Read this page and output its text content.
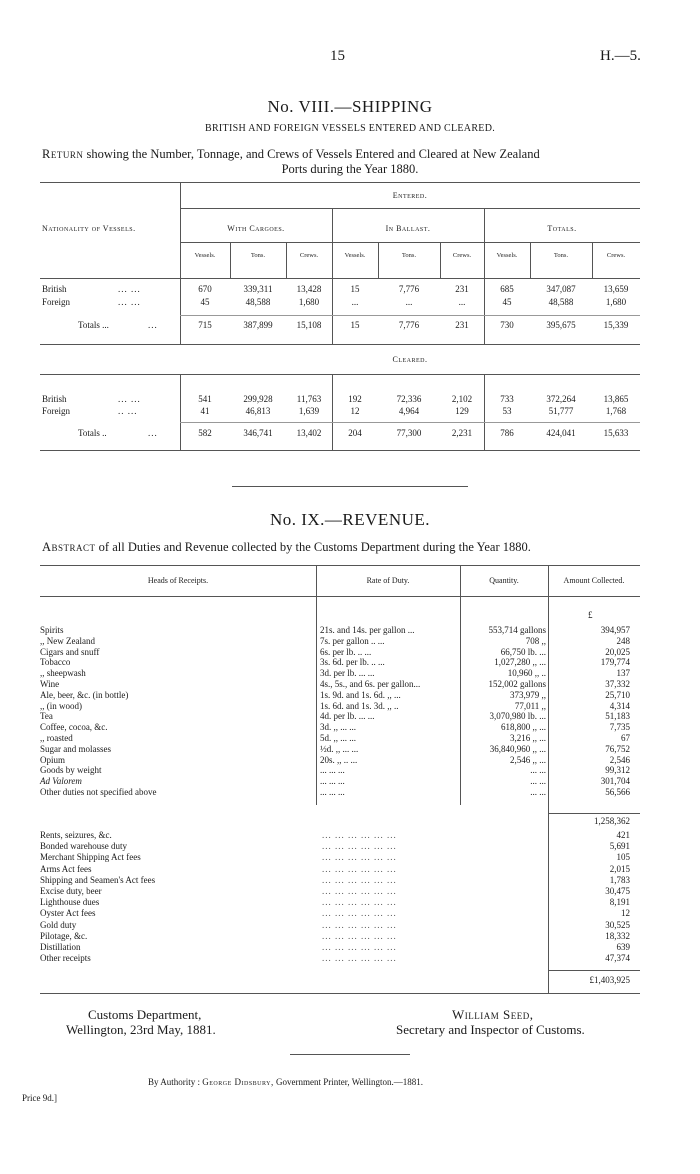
15	H.—5.
No. VIII.—SHIPPING
BRITISH AND FOREIGN VESSELS ENTERED AND CLEARED.
Return showing the Number, Tonnage, and Crews of Vessels Entered and Cleared at New Zealand
Ports during the Year 1880.
Entered.
Nationality of Vessels.	With Cargoes.	In Ballast.	Totals.
Vessels.	Tons.	Crews.	Vessels.	Tons.	Crews.	Vessels.	Tons.	Crews.
British	... ...	670	339,311	13,428	15	7,776	231	685	347,087	13,659
Foreign	... ...	45	48,588	1,680	...	...	...	45	48,588	1,680
Totals ...	...	715	387,899	15,108	15	7,776	231	730	395,675	15,339
Cleared.
British	... ...	541	299,928	11,763	192	72,336	2,102	733	372,264	13,865
Foreign	.. ...	41	46,813	1,639	12	4,964	129	53	51,777	1,768
Totals ..	...	582	346,741	13,402	204	77,300	2,231	786	424,041	15,633
No. IX.—REVENUE.
Abstract of all Duties and Revenue collected by the Customs Department during the Year 1880.
Heads of Receipts.	Rate of Duty.	Quantity.	Amount Collected.
£
Spirits	21s. and 14s. per gallon ...	553,714 gallons	394,957
,, New Zealand	7s. per gallon .. ...	708 ,,	248
Cigars and snuff	6s. per lb. .. ...	66,750 lb. ...	20,025
Tobacco	3s. 6d. per lb. .. ...	1,027,280 ,, ...	179,774
,, sheepwash	3d. per lb. ... ...	10,960 ,, ..	137
Wine	4s., 5s., and 6s. per gallon...	152,002 gallons	37,332
Ale, beer, &c. (in bottle)	1s. 9d. and 1s. 6d. ,, ...	373,979 ,,	25,710
,, (in wood)	1s. 6d. and 1s. 3d. ,, ..	77,011 ,,	4,314
Tea	4d. per lb. ... ...	3,070,980 lb. ...	51,183
Coffee, cocoa, &c.	3d. ,, ... ...	618,800 ,, ...	7,735
,, roasted	5d. ,, ... ...	3,216 ,, ...	67
Sugar and molasses	½d. ,, ... ...	36,840,960 ,, ...	76,752
Opium	20s. ,, .. ...	2,546 ,, ...	2,546
Goods by weight	... ... ...	... ...	99,312
Ad Valorem	... ... ...	... ...	301,704
Other duties not specified above	... ... ...	... ...	56,566
1,258,362
Rents, seizures, &c.	... ... ... ... ... ...	421
Bonded warehouse duty	... ... ... ... ... ...	5,691
Merchant Shipping Act fees	... ... ... ... ... ...	105
Arms Act fees	... ... ... ... ... ...	2,015
Shipping and Seamen's Act fees	... ... ... ... ... ...	1,783
Excise duty, beer	... ... ... ... ... ...	30,475
Lighthouse dues	... ... ... ... ... ...	8,191
Oyster Act fees	... ... ... ... ... ...	12
Gold duty	... ... ... ... ... ...	30,525
Pilotage, &c.	... ... ... ... ... ...	18,332
Distillation	... ... ... ... ... ...	639
Other receipts	... ... ... ... ... ...	47,374
£1,403,925
Customs Department,
Wellington, 23rd May, 1881.
William Seed,
Secretary and Inspector of Customs.
By Authority : George Didsbury, Government Printer, Wellington.—1881.
Price 9d.]
